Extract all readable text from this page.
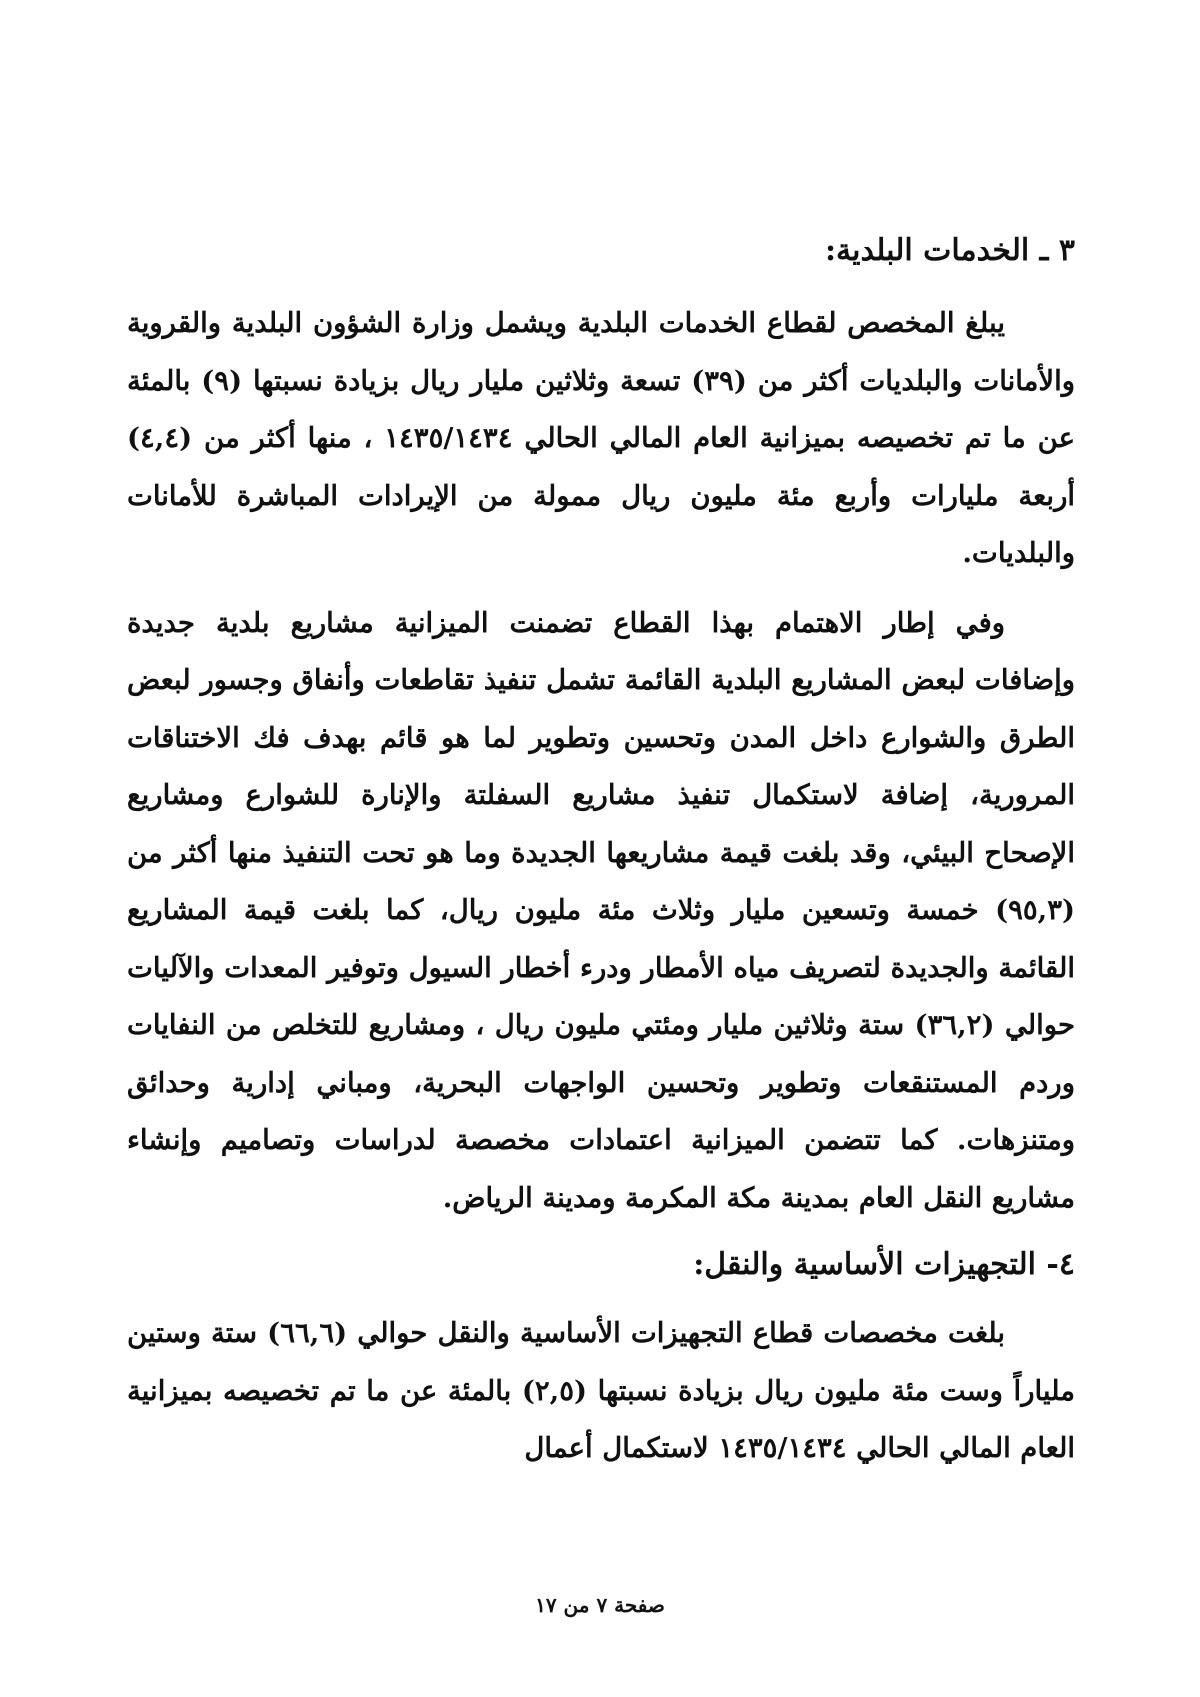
٣ ـ الخدمات البلدية:

يبلغ المخصص لقطاع الخدمات البلدية ويشمل وزارة الشؤون البلدية والقروية والأمانات والبلديات أكثر من (٣٩) تسعة وثلاثين مليار ريال بزيادة نسبتها (٩) بالمئة عن ما تم تخصيصه بميزانية العام المالي الحالي ١٤٣٥/١٤٣٤ ، منها أكثر من (٤,٤) أربعة مليارات وأربع مئة مليون ريال ممولة من الإيرادات المباشرة للأمانات والبلديات.

وفي إطار الاهتمام بهذا القطاع تضمنت الميزانية مشاريع بلدية جديدة وإضافات لبعض المشاريع البلدية القائمة تشمل تنفيذ تقاطعات وأنفاق وجسور لبعض الطرق والشوارع داخل المدن وتحسين وتطوير لما هو قائم بهدف فك الاختناقات المرورية، إضافة لاستكمال تنفيذ مشاريع السفلتة والإنارة للشوارع ومشاريع الإصحاح البيئي، وقد بلغت قيمة مشاريعها الجديدة وما هو تحت التنفيذ منها أكثر من (٩٥,٣) خمسة وتسعين مليار وثلاث مئة مليون ريال، كما بلغت قيمة المشاريع القائمة والجديدة لتصريف مياه الأمطار ودرء أخطار السيول وتوفير المعدات والآليات حوالي (٣٦,٢) ستة وثلاثين مليار ومئتي مليون ريال ، ومشاريع للتخلص من النفايات وردم المستنقعات وتطوير وتحسين الواجهات البحرية، ومباني إدارية وحدائق ومتنزهات. كما تتضمن الميزانية اعتمادات مخصصة لدراسات وتصاميم وإنشاء مشاريع النقل العام بمدينة مكة المكرمة ومدينة الرياض.

٤- التجهيزات الأساسية والنقل:

بلغت مخصصات قطاع التجهيزات الأساسية والنقل حوالي (٦٦,٦) ستة وستين ملياراً وست مئة مليون ريال بزيادة نسبتها (٢,٥) بالمئة عن ما تم تخصيصه بميزانية العام المالي الحالي ١٤٣٥/١٤٣٤ لاستكمال أعمال

صفحة ٧ من ١٧
